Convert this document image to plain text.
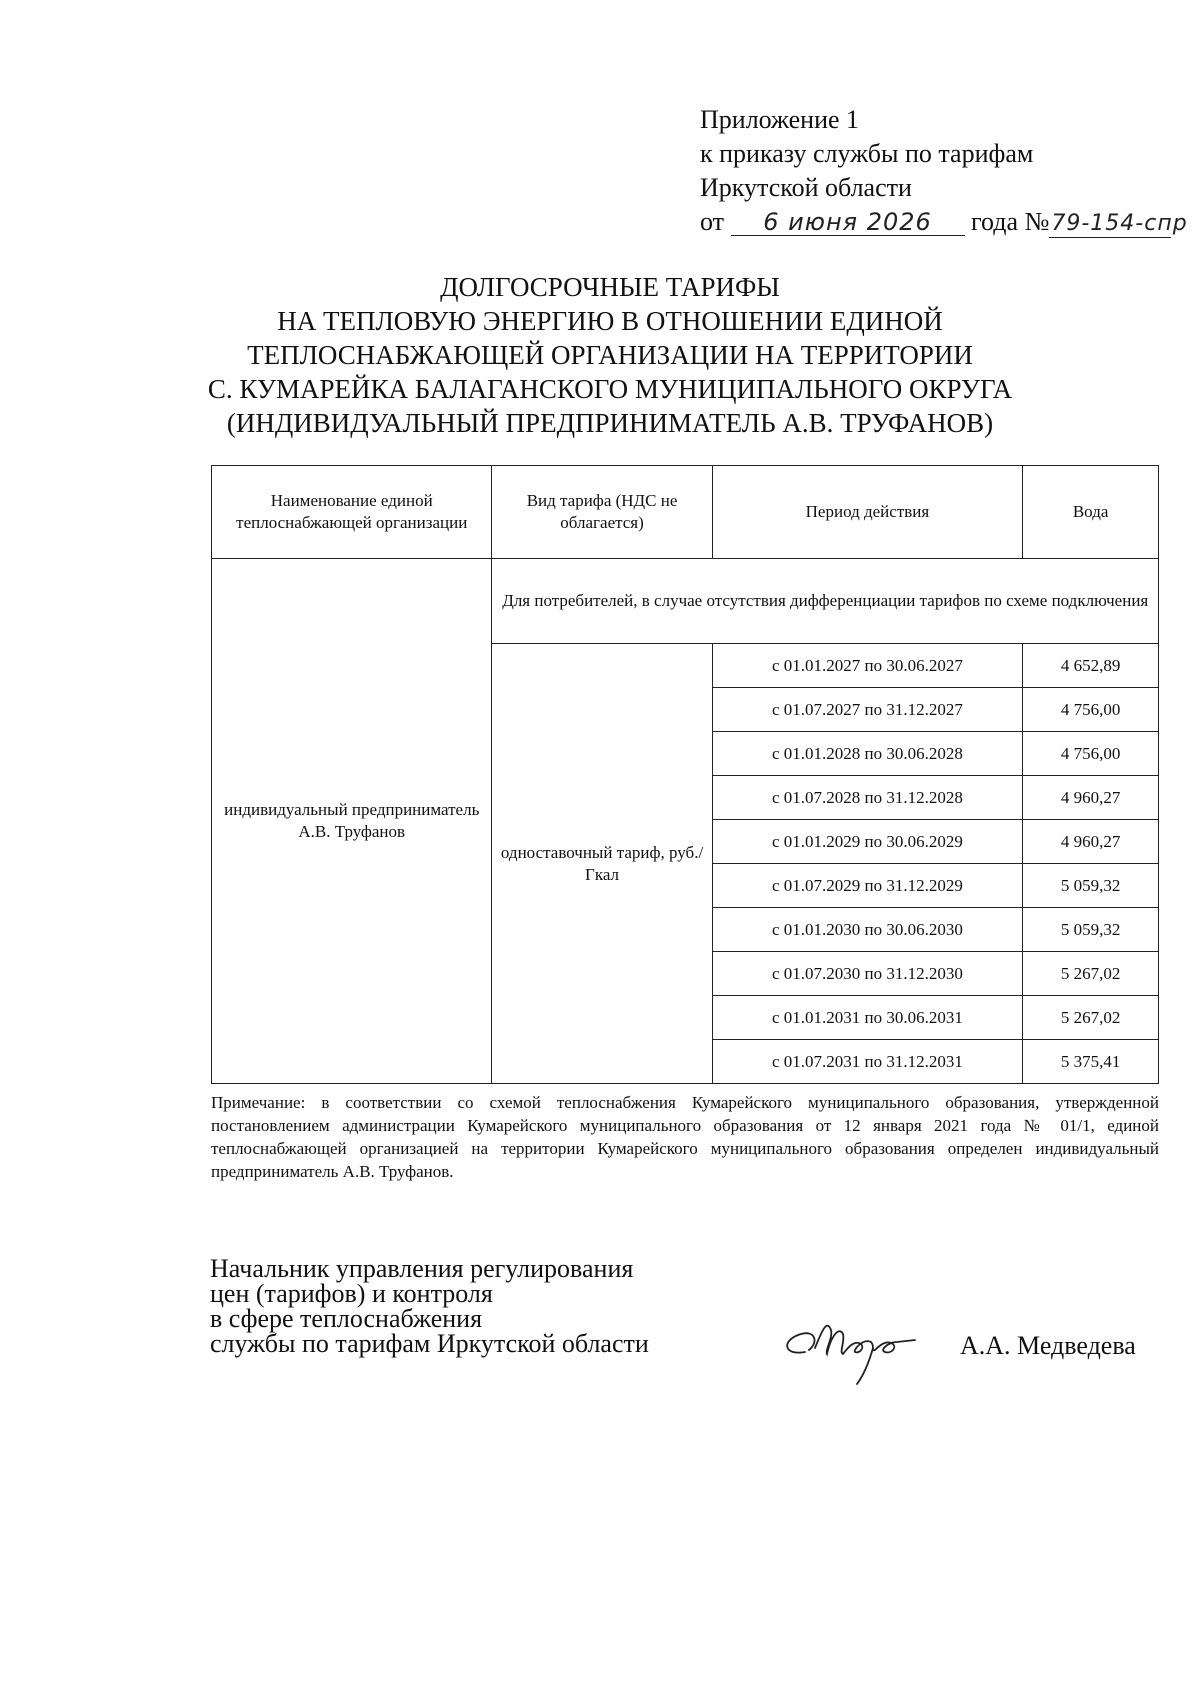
Приложение 1
к приказу службы по тарифам
Иркутской области
от 6 июня 2026 года №79-154-спр
ДОЛГОСРОЧНЫЕ ТАРИФЫ
НА ТЕПЛОВУЮ ЭНЕРГИЮ В ОТНОШЕНИИ ЕДИНОЙ
ТЕПЛОСНАБЖАЮЩЕЙ ОРГАНИЗАЦИИ НА ТЕРРИТОРИИ
С. КУМАРЕЙКА БАЛАГАНСКОГО МУНИЦИПАЛЬНОГО ОКРУГА
(ИНДИВИДУАЛЬНЫЙ ПРЕДПРИНИМАТЕЛЬ А.В. ТРУФАНОВ)
Наименование единой теплоснабжающей организации	Вид тарифа (НДС не облагается)	Период действия	Вода
индивидуальный предприниматель А.В. Труфанов	Для потребителей, в случае отсутствия дифференциации тарифов по схеме подключения		
	одноставочный тариф, руб./Гкал	с 01.01.2027 по 30.06.2027	4 652,89
		с 01.07.2027 по 31.12.2027	4 756,00
		с 01.01.2028 по 30.06.2028	4 756,00
		с 01.07.2028 по 31.12.2028	4 960,27
		с 01.01.2029 по 30.06.2029	4 960,27
		с 01.07.2029 по 31.12.2029	5 059,32
		с 01.01.2030 по 30.06.2030	5 059,32
		с 01.07.2030 по 31.12.2030	5 267,02
		с 01.01.2031 по 30.06.2031	5 267,02
		с 01.07.2031 по 31.12.2031	5 375,41
Примечание: в соответствии со схемой теплоснабжения Кумарейского муниципального образования, утвержденной постановлением администрации Кумарейского муниципального образования от 12 января 2021 года № 01/1, единой теплоснабжающей организацией на территории Кумарейского муниципального образования определен индивидуальный предприниматель А.В. Труфанов.
Начальник управления регулирования
цен (тарифов) и контроля
в сфере теплоснабжения
службы по тарифам Иркутской области	А.А. Медведева
